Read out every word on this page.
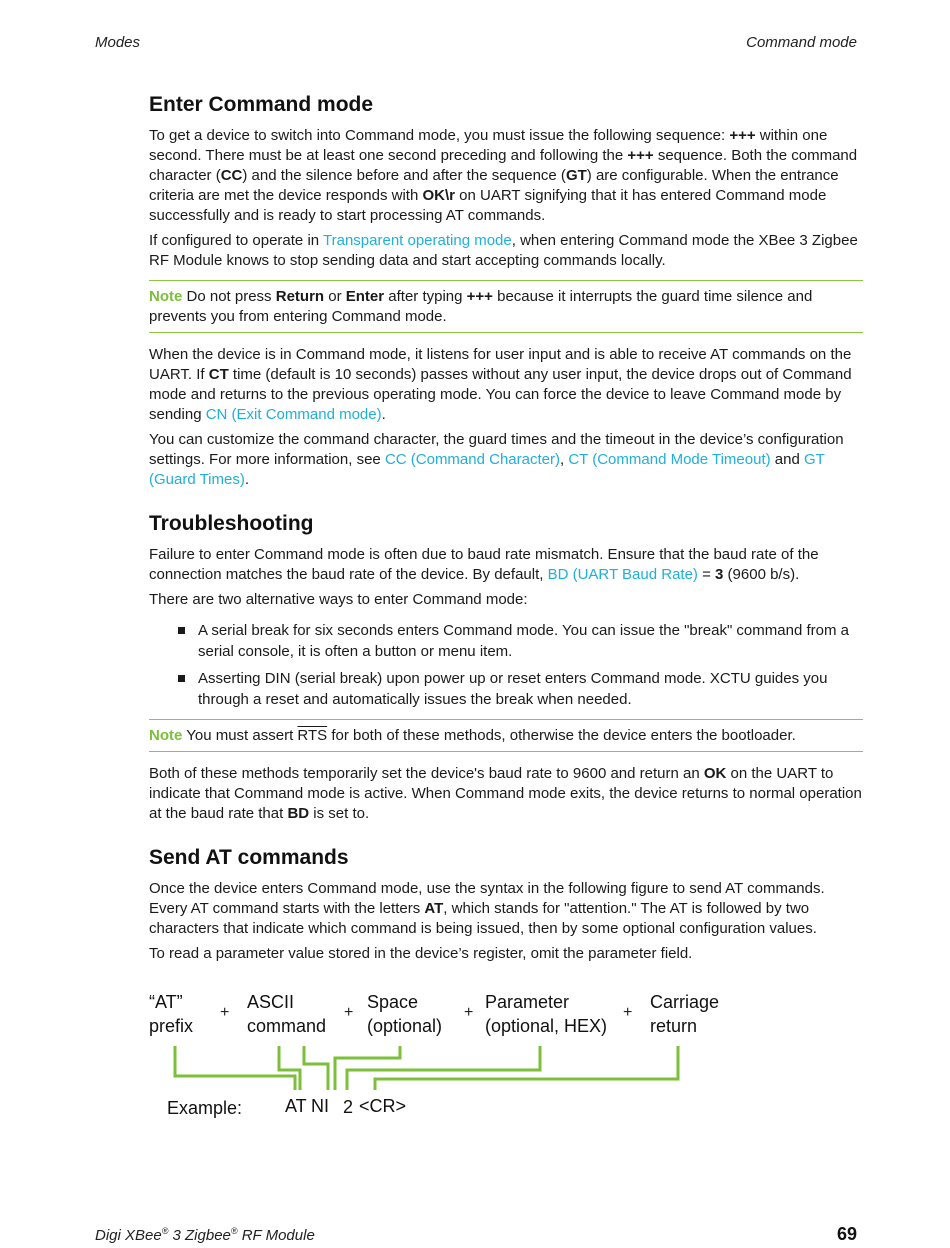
Modes	Command mode
Enter Command mode

To get a device to switch into Command mode, you must issue the following sequence: +++ within one second. There must be at least one second preceding and following the +++ sequence. Both the command character (CC) and the silence before and after the sequence (GT) are configurable. When the entrance criteria are met the device responds with OK\r on UART signifying that it has entered Command mode successfully and is ready to start processing AT commands.

If configured to operate in Transparent operating mode, when entering Command mode the XBee 3 Zigbee RF Module knows to stop sending data and start accepting commands locally.

Note Do not press Return or Enter after typing +++ because it interrupts the guard time silence and prevents you from entering Command mode.

When the device is in Command mode, it listens for user input and is able to receive AT commands on the UART. If CT time (default is 10 seconds) passes without any user input, the device drops out of Command mode and returns to the previous operating mode. You can force the device to leave Command mode by sending CN (Exit Command mode).

You can customize the command character, the guard times and the timeout in the device’s configuration settings. For more information, see CC (Command Character), CT (Command Mode Timeout) and GT (Guard Times).

Troubleshooting

Failure to enter Command mode is often due to baud rate mismatch. Ensure that the baud rate of the connection matches the baud rate of the device. By default, BD (UART Baud Rate) = 3 (9600 b/s).

There are two alternative ways to enter Command mode:

A serial break for six seconds enters Command mode. You can issue the "break" command from a serial console, it is often a button or menu item.
Asserting DIN (serial break) upon power up or reset enters Command mode. XCTU guides you through a reset and automatically issues the break when needed.
Note You must assert $\overline{RTS}$ for both of these methods, otherwise the device enters the bootloader.

Both of these methods temporarily set the device's baud rate to 9600 and return an OK on the UART to indicate that Command mode is active. When Command mode exits, the device returns to normal operation at the baud rate that BD is set to.

Send AT commands

Once the device enters Command mode, use the syntax in the following figure to send AT commands. Every AT command starts with the letters AT, which stands for "attention." The AT is followed by two characters that indicate which command is being issued, then by some optional configuration values.

To read a parameter value stored in the device’s register, omit the parameter field.

“AT”
prefix
+
ASCII
command
+
Space
(optional)
+
Parameter
(optional, HEX)
+
Carriage
return
Example: AT NI 2 <CR>
Digi XBee® 3 Zigbee® RF Module	69
